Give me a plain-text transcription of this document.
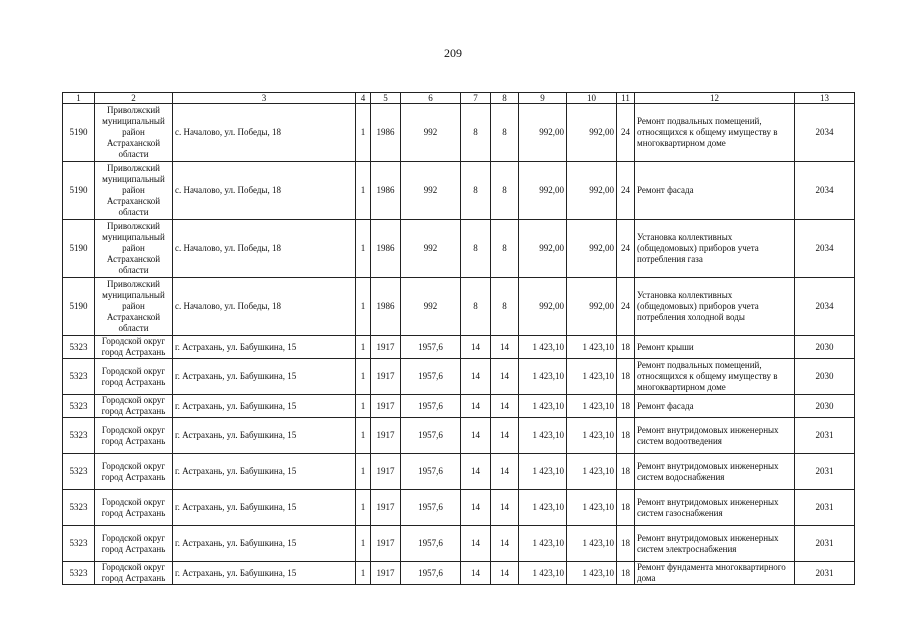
209
1	2	3	4	5	6	7	8	9	10	11	12	13
5190	Приволжский муниципальный район Астраханской области	с. Началово, ул. Победы, 18	1	1986	992	8	8	992,00	992,00	24	Ремонт подвальных помещений, относящихся к общему имуществу в многоквартирном доме	2034
5190	Приволжский муниципальный район Астраханской области	с. Началово, ул. Победы, 18	1	1986	992	8	8	992,00	992,00	24	Ремонт фасада	2034
5190	Приволжский муниципальный район Астраханской области	с. Началово, ул. Победы, 18	1	1986	992	8	8	992,00	992,00	24	Установка коллективных (общедомовых) приборов учета потребления газа	2034
5190	Приволжский муниципальный район Астраханской области	с. Началово, ул. Победы, 18	1	1986	992	8	8	992,00	992,00	24	Установка коллективных (общедомовых) приборов учета потребления холодной воды	2034
5323	Городской округ город Астрахань	г. Астрахань, ул. Бабушкина, 15	1	1917	1957,6	14	14	1 423,10	1 423,10	18	Ремонт крыши	2030
5323	Городской округ город Астрахань	г. Астрахань, ул. Бабушкина, 15	1	1917	1957,6	14	14	1 423,10	1 423,10	18	Ремонт подвальных помещений, относящихся к общему имуществу в многоквартирном доме	2030
5323	Городской округ город Астрахань	г. Астрахань, ул. Бабушкина, 15	1	1917	1957,6	14	14	1 423,10	1 423,10	18	Ремонт фасада	2030
5323	Городской округ город Астрахань	г. Астрахань, ул. Бабушкина, 15	1	1917	1957,6	14	14	1 423,10	1 423,10	18	Ремонт внутридомовых инженерных систем водоотведения	2031
5323	Городской округ город Астрахань	г. Астрахань, ул. Бабушкина, 15	1	1917	1957,6	14	14	1 423,10	1 423,10	18	Ремонт внутридомовых инженерных систем водоснабжения	2031
5323	Городской округ город Астрахань	г. Астрахань, ул. Бабушкина, 15	1	1917	1957,6	14	14	1 423,10	1 423,10	18	Ремонт внутридомовых инженерных систем газоснабжения	2031
5323	Городской округ город Астрахань	г. Астрахань, ул. Бабушкина, 15	1	1917	1957,6	14	14	1 423,10	1 423,10	18	Ремонт внутридомовых инженерных систем электроснабжения	2031
5323	Городской округ город Астрахань	г. Астрахань, ул. Бабушкина, 15	1	1917	1957,6	14	14	1 423,10	1 423,10	18	Ремонт фундамента многоквартирного дома	2031
